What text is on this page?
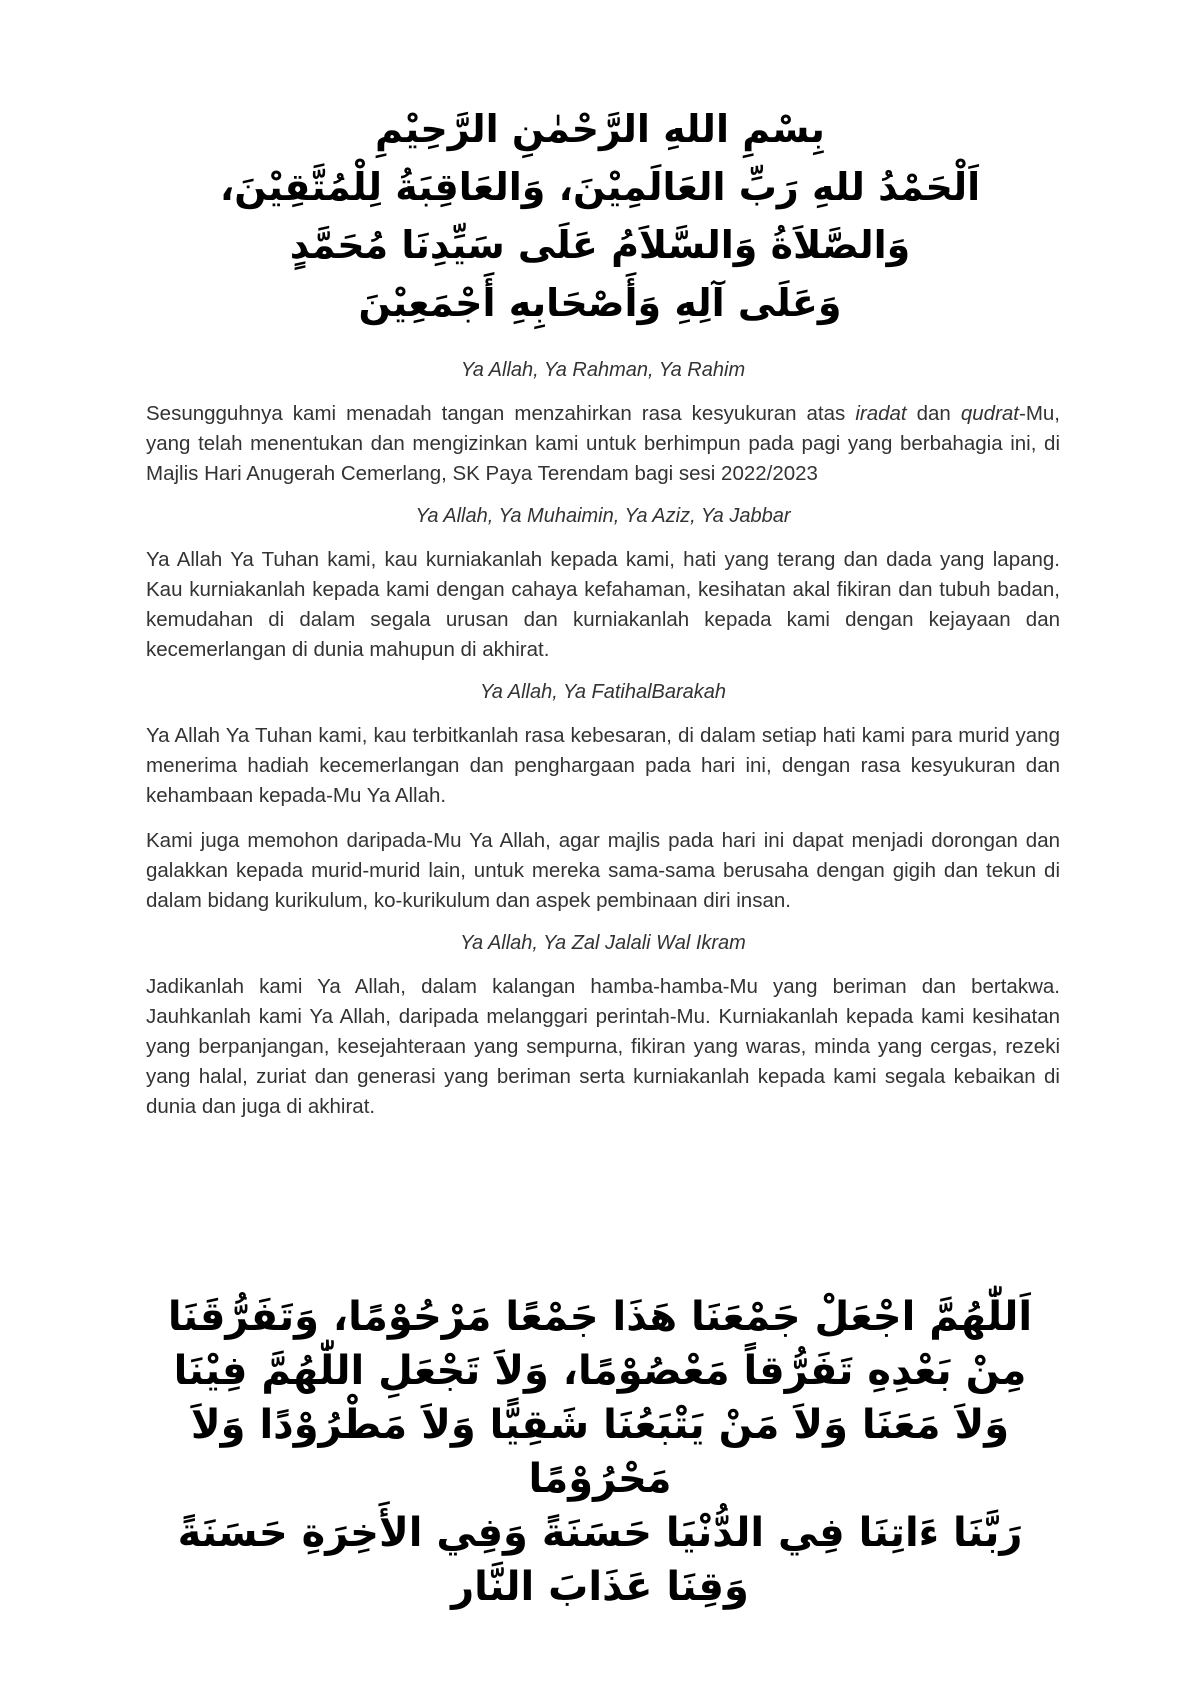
بِسْمِ اللهِ الرَّحْمٰنِ الرَّحِيْمِ

اَلْحَمْدُ للهِ رَبِّ العَالَمِيْنَ، وَالعَاقِبَةُ لِلْمُتَّقِيْنَ،

وَالصَّلاَةُ وَالسَّلاَمُ عَلَى سَيِّدِنَا مُحَمَّدٍ

وَعَلَى آلِهِ وَأَصْحَابِهِ أَجْمَعِيْنَ

Ya Allah, Ya Rahman, Ya Rahim

Sesungguhnya kami menadah tangan menzahirkan rasa kesyukuran atas iradat dan qudrat-Mu, yang telah menentukan dan mengizinkan kami untuk berhimpun pada pagi yang berbahagia ini, di Majlis Hari Anugerah Cemerlang, SK Paya Terendam bagi sesi 2022/2023

Ya Allah, Ya Muhaimin, Ya Aziz, Ya Jabbar

Ya Allah Ya Tuhan kami, kau kurniakanlah kepada kami, hati yang terang dan dada yang lapang. Kau kurniakanlah kepada kami dengan cahaya kefahaman, kesihatan akal fikiran dan tubuh badan, kemudahan di dalam segala urusan dan kurniakanlah kepada kami dengan kejayaan dan kecemerlangan di dunia mahupun di akhirat.

Ya Allah, Ya FatihalBarakah

Ya Allah Ya Tuhan kami, kau terbitkanlah rasa kebesaran, di dalam setiap hati kami para murid yang menerima hadiah kecemerlangan dan penghargaan pada hari ini, dengan rasa kesyukuran dan kehambaan kepada-Mu Ya Allah.

Kami juga memohon daripada-Mu Ya Allah, agar majlis pada hari ini dapat menjadi dorongan dan galakkan kepada murid-murid lain, untuk mereka sama-sama berusaha dengan gigih dan tekun di dalam bidang kurikulum, ko-kurikulum dan aspek pembinaan diri insan.

Ya Allah, Ya Zal Jalali Wal Ikram

Jadikanlah kami Ya Allah, dalam kalangan hamba-hamba-Mu yang beriman dan bertakwa. Jauhkanlah kami Ya Allah, daripada melanggari perintah-Mu. Kurniakanlah kepada kami kesihatan yang berpanjangan, kesejahteraan yang sempurna, fikiran yang waras, minda yang cergas, rezeki yang halal, zuriat dan generasi yang beriman serta kurniakanlah kepada kami segala kebaikan di dunia dan juga di akhirat.

اَللّٰهُمَّ اجْعَلْ جَمْعَنَا هَذَا جَمْعًا مَرْحُوْمًا، وَتَفَرُّقَنَا

مِنْ بَعْدِهِ تَفَرُّقاً مَعْصُوْمًا، وَلاَ تَجْعَلِ اللّٰهُمَّ فِيْنَا

وَلاَ مَعَنَا وَلاَ مَنْ يَتْبَعُنَا شَقِيًّا وَلاَ مَطْرُوْدًا وَلاَ

مَحْرُوْمًا

رَبَّنَا ءَاتِنَا فِي الدُّنْيَا حَسَنَةً وَفِي الأَخِرَةِ حَسَنَةً

وَقِنَا عَذَابَ النَّار
